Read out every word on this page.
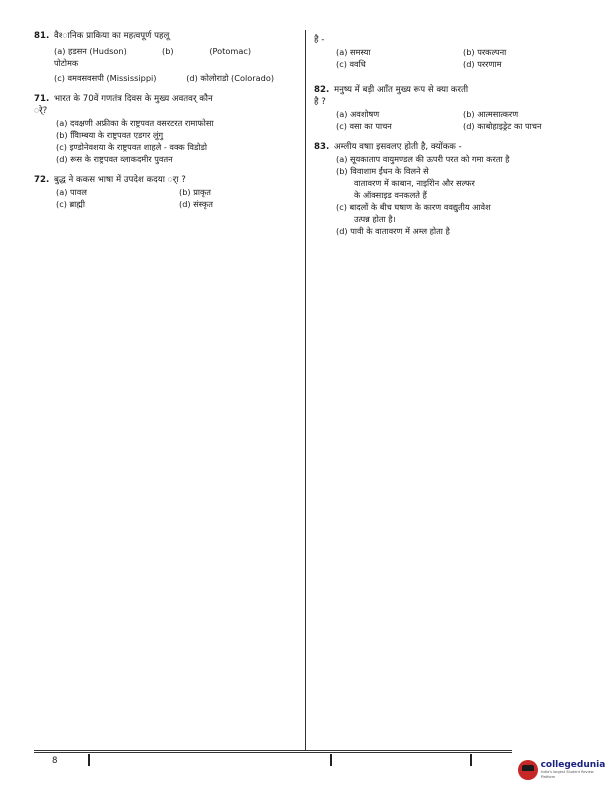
81. वैश्‍ानिक प्राकिया का महत्वपूर्ण पहलू
(a) हडसन (Hudson)	(b)	(Potomac)
पोटोमक
(c) वमवसवसपी (Mississippi)	(d) कोलोराडो (Colorado)
71. भारत के 70वें गणतंत्र दिवस के मुख्य अवतवर् कौन
र्े?
(a) दवक्षणी अफ्रीका के राष्ट्रपवत वसरटरत रामाफोसा
(b) वििाम्बया के राष्ट्रपवत एडगर लुंगु
(c) इण्डोनेवशया के राष्ट्रपवत शाहले - वक्क विडोडो
(d) रूस के राष्ट्रपवत व्लाकदमीर पुवतन
72. बुद्ध ने ककस भाषा में उपदेश कदया र्ा ?
(a) पावल	(b) प्राकृत
(c) ब्राह्मी	(d) संस्कृत
है -
(a) समस्या	(b) परकल्पना
(c) ववधि	(d) पररणाम
82. मनुष्य में बड़ी आाँत मुख्य रूप से क्या करती
है ?
(a) अवशोषण	(b) आत्मसात्करण
(c) वसा का पाचन	(d) काबोहाइड्रेट का पाचन
83. अम्लीय वषाा इसवलए होती है, क्योंकक -
(a) सूयकाताप वायुमण्डल की ऊपरी परत को गमा करता है
(b) विवाशाम ईंधन के विलने से
वातावरण में काबान, नाइरोिन और सल्फर
के ऑक्साइड वनकलते हैं
(c) बादलों के बीच घषाण के कारण ववद्युतीय आवेश
उत्पन्न होता है।
(d) पावी के वातावरण में अम्ल होता है
8	collegedunia
India's largest Student Review Platform
